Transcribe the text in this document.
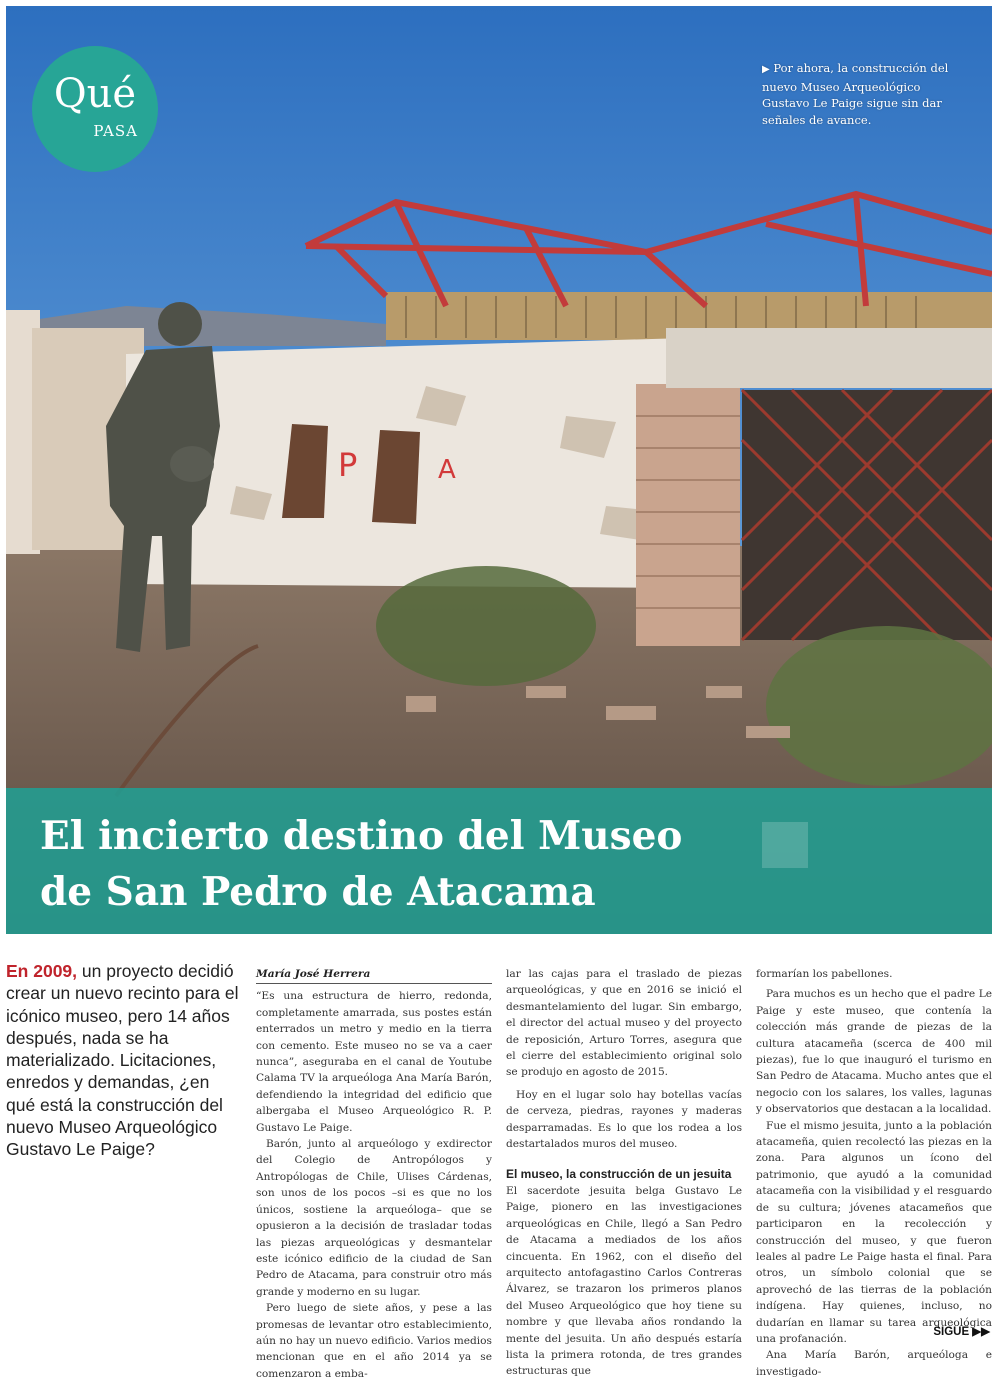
P	A
Qué
PASA
▶ Por ahora, la construcción del nuevo Museo Arqueológico Gustavo Le Paige sigue sin dar señales de avance.
El incierto destino del Museo
de San Pedro de Atacama
En 2009, un proyecto decidió crear un nuevo recinto para el icónico museo, pero 14 años después, nada se ha materializado. Licitaciones, enredos y demandas, ¿en qué está la construcción del nuevo Museo Arqueológico Gustavo Le Paige?
María José Herrera

“Es una estructura de hierro, redonda, completamente amarrada, sus postes están enterrados un metro y medio en la tierra con cemento. Este museo no se va a caer nunca”, aseguraba en el canal de Youtube Calama TV la arqueóloga Ana María Barón, defendiendo la integridad del edificio que albergaba el Museo Arqueológico R. P. Gustavo Le Paige.

Barón, junto al arqueólogo y exdirector del Colegio de Antropólogos y Antropólogas de Chile, Ulises Cárdenas, son unos de los pocos –si es que no los únicos, sostiene la arqueóloga– que se opusieron a la decisión de trasladar todas las piezas arqueológicas y desmantelar este icónico edificio de la ciudad de San Pedro de Atacama, para construir otro más grande y moderno en su lugar.

Pero luego de siete años, y pese a las promesas de levantar otro establecimiento, aún no hay un nuevo edificio. Varios medios mencionan que en el año 2014 ya se comenzaron a emba-

lar las cajas para el traslado de piezas arqueológicas, y que en 2016 se inició el desmantelamiento del lugar. Sin embargo, el director del actual museo y del proyecto de reposición, Arturo Torres, asegura que el cierre del establecimiento original solo se produjo en agosto de 2015.

Hoy en el lugar solo hay botellas vacías de cerveza, piedras, rayones y maderas desparramadas. Es lo que los rodea a los destartalados muros del museo.

El museo, la construcción de un jesuita

El sacerdote jesuita belga Gustavo Le Paige, pionero en las investigaciones arqueológicas en Chile, llegó a San Pedro de Atacama a mediados de los años cincuenta. En 1962, con el diseño del arquitecto antofagastino Carlos Contreras Álvarez, se trazaron los primeros planos del Museo Arqueológico que hoy tiene su nombre y que llevaba años rondando la mente del jesuita. Un año después estaría lista la primera rotonda, de tres grandes estructuras que

formarían los pabellones.

Para muchos es un hecho que el padre Le Paige y este museo, que contenía la colección más grande de piezas de la cultura atacameña (scerca de 400 mil piezas), fue lo que inauguró el turismo en San Pedro de Atacama. Mucho antes que el negocio con los salares, los valles, lagunas y observatorios que destacan a la localidad.

Fue el mismo jesuita, junto a la población atacameña, quien recolectó las piezas en la zona. Para algunos un ícono del patrimonio, que ayudó a la comunidad atacameña con la visibilidad y el resguardo de su cultura; jóvenes atacameños que participaron en la recolección y construcción del museo, y que fueron leales al padre Le Paige hasta el final. Para otros, un símbolo colonial que se aprovechó de las tierras de la población indígena. Hay quienes, incluso, no dudarían en llamar su tarea arqueológica una profanación.

Ana María Barón, arqueóloga e investigado-

SIGUE ▶▶
